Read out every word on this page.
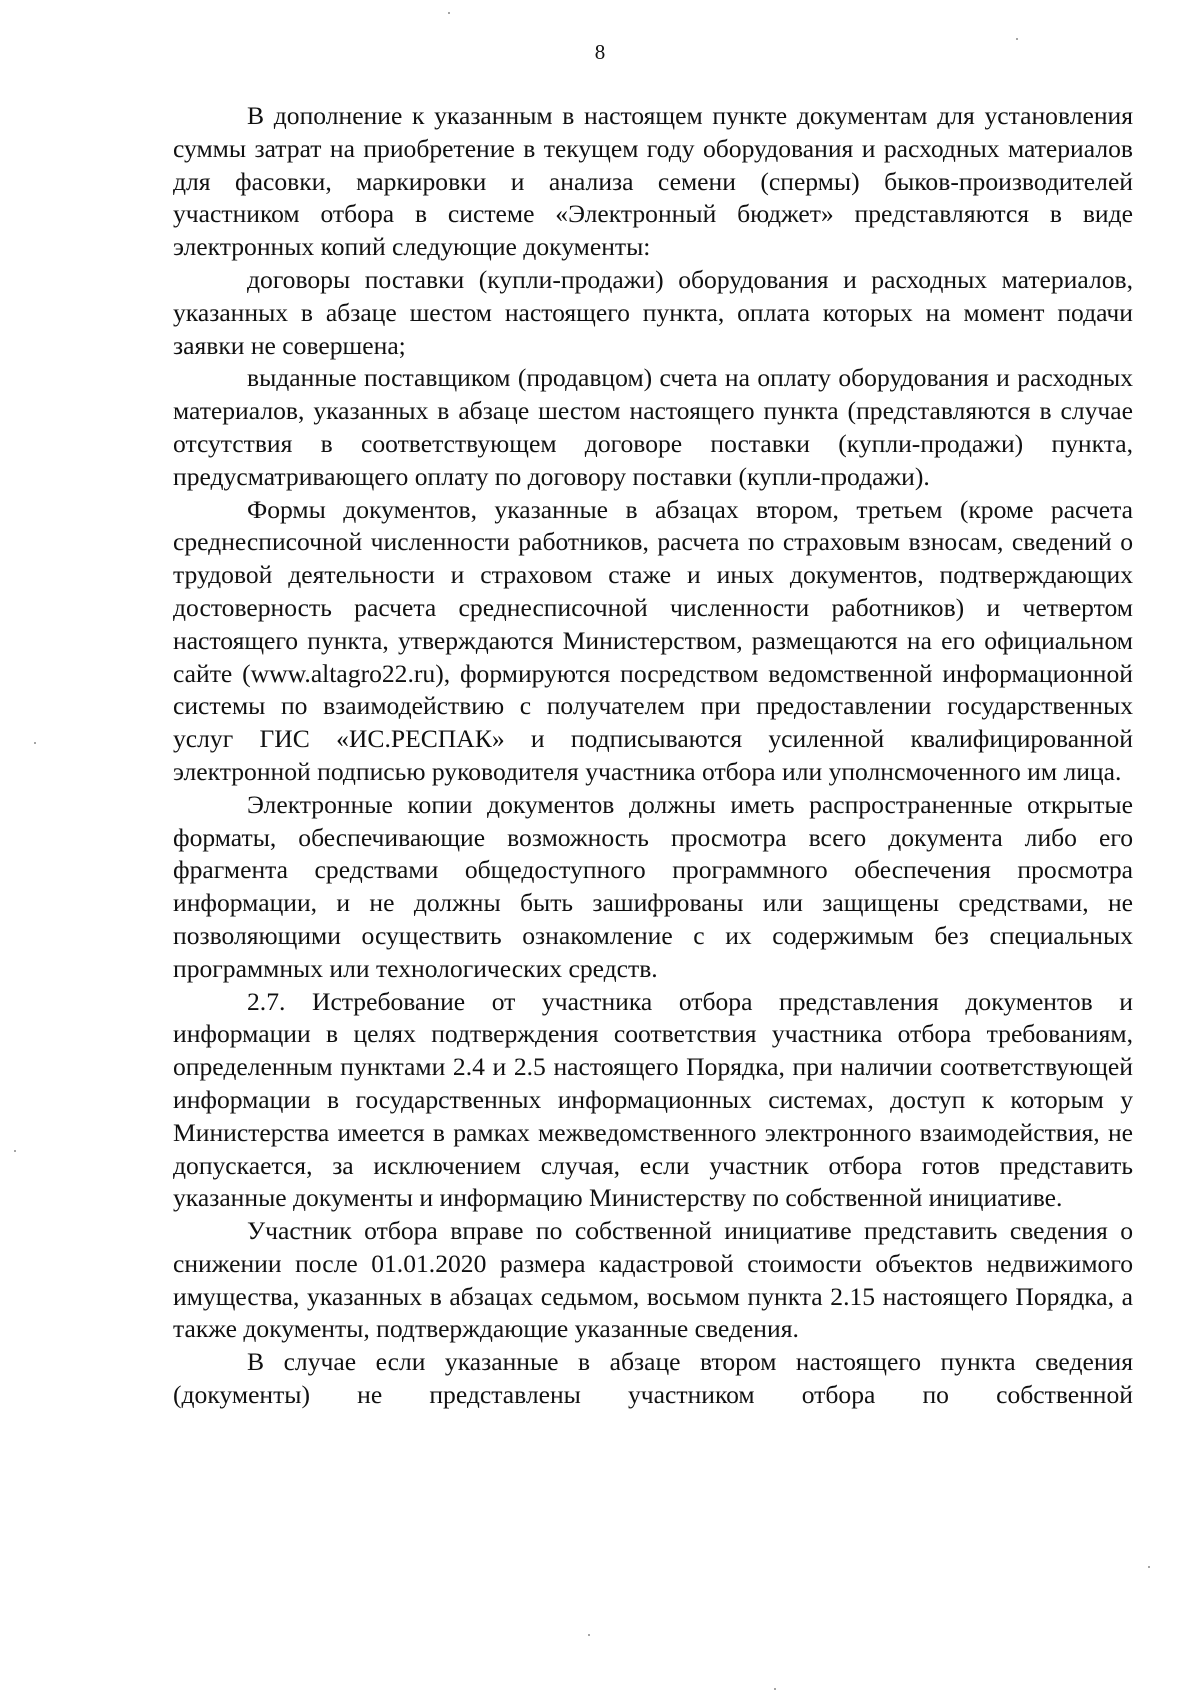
8

В дополнение к указанным в настоящем пункте документам для установления суммы затрат на приобретение в текущем году оборудования и расходных материалов для фасовки, маркировки и анализа семени (спермы) быков-производителей участником отбора в системе «Электронный бюджет» представляются в виде электронных копий следующие документы:

договоры поставки (купли-продажи) оборудования и расходных материалов, указанных в абзаце шестом настоящего пункта, оплата которых на момент подачи заявки не совершена;

выданные поставщиком (продавцом) счета на оплату оборудования и расходных материалов, указанных в абзаце шестом настоящего пункта (представляются в случае отсутствия в соответствующем договоре поставки (купли-продажи) пункта, предусматривающего оплату по договору поставки (купли-продажи).

Формы документов, указанные в абзацах втором, третьем (кроме расчета среднесписочной численности работников, расчета по страховым взносам, сведений о трудовой деятельности и страховом стаже и иных документов, подтверждающих достоверность расчета среднесписочной численности работников) и четвертом настоящего пункта, утверждаются Министерством, размещаются на его официальном сайте (www.altagro22.ru), формируются посредством ведомственной информационной системы по взаимодействию с получателем при предоставлении государственных услуг ГИС «ИС.РЕСПАК» и подписываются усиленной квалифицированной электронной подписью руководителя участника отбора или уполнсмоченного им лица.

Электронные копии документов должны иметь распространенные открытые форматы, обеспечивающие возможность просмотра всего документа либо его фрагмента средствами общедоступного программного обеспечения просмотра информации, и не должны быть зашифрованы или защищены средствами, не позволяющими осуществить ознакомление с их содержимым без специальных программных или технологических средств.

2.7. Истребование от участника отбора представления документов и информации в целях подтверждения соответствия участника отбора требованиям, определенным пунктами 2.4 и 2.5 настоящего Порядка, при наличии соответствующей информации в государственных информационных системах, доступ к которым у Министерства имеется в рамках межведомственного электронного взаимодействия, не допускается, за исключением случая, если участник отбора готов представить указанные документы и информацию Министерству по собственной инициативе.

Участник отбора вправе по собственной инициативе представить сведения о снижении после 01.01.2020 размера кадастровой стоимости объектов недвижимого имущества, указанных в абзацах седьмом, восьмом пункта 2.15 настоящего Порядка, а также документы, подтверждающие указанные сведения.

В случае если указанные в абзаце втором настоящего пункта сведения (документы) не представлены участником отбора по собственной
